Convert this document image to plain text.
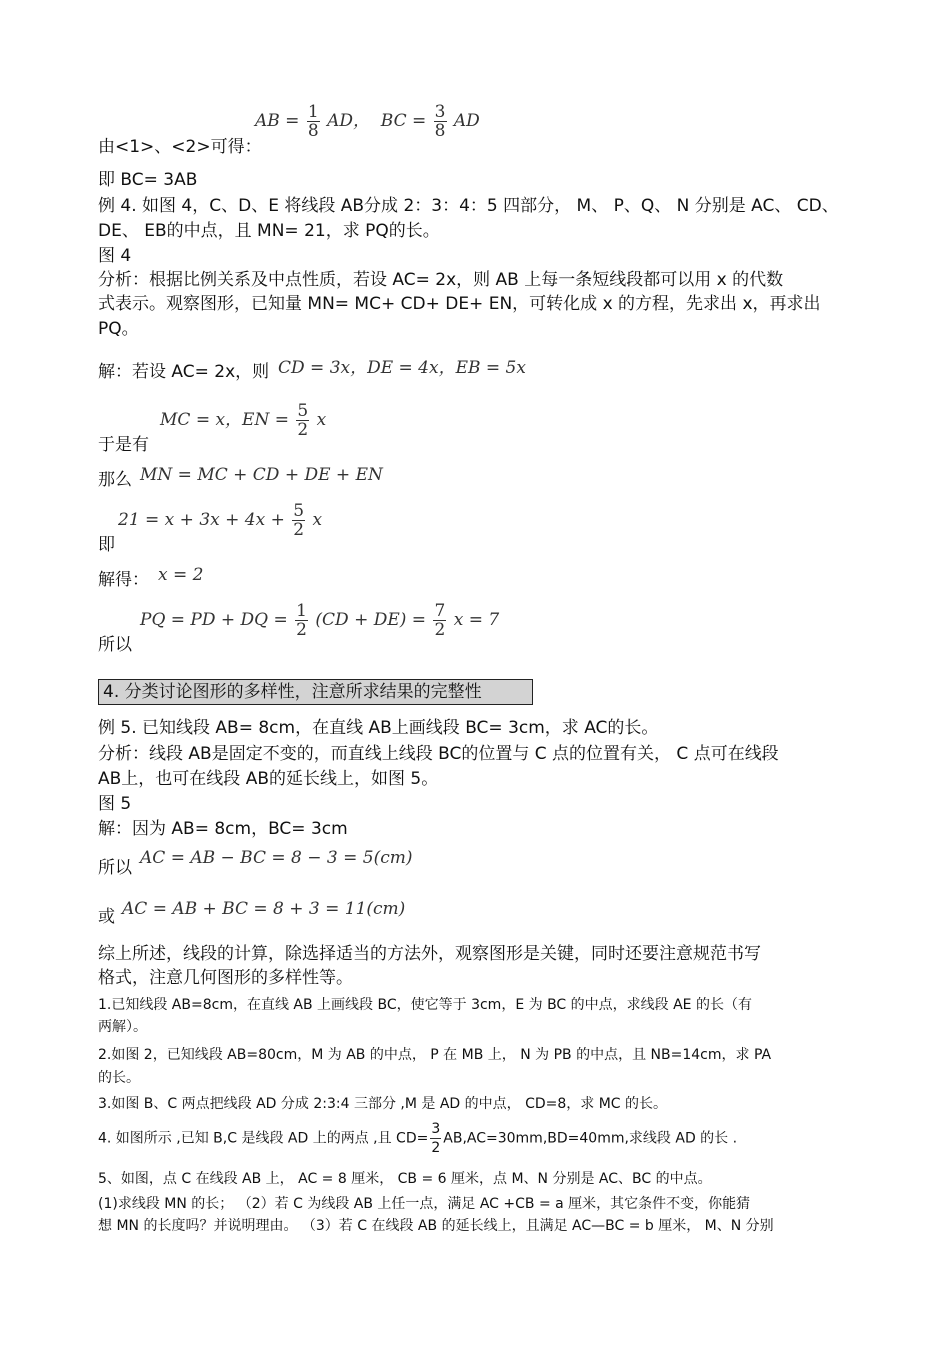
由<1>、<2>可得：
AB = $\frac{1}{8}$ AD， BC = $\frac{3}{8}$ AD
即 BC= 3AB
例 4. 如图 4，C、D、E 将线段 AB分成 2：3：4：5 四部分， M、 P、Q、 N 分别是 AC、 CD、
DE、 EB的中点，且 MN= 21，求 PQ的长。
图 4
分析：根据比例关系及中点性质，若设 AC= 2x，则 AB 上每一条短线段都可以用 x 的代数
式表示。观察图形，已知量 MN= MC+ CD+ DE+ EN，可转化成 x 的方程，先求出 x，再求出
PQ。
解：若设 AC= 2x，则 CD = 3x，DE = 4x，EB = 5x
于是有
MC = x，EN = $\frac{5}{2}$ x
那么 MN = MC + CD + DE + EN
$21 = x + 3x + 4x + \frac{5}{2}$ x
即
解得： x = 2
PQ = PD + DQ = $\frac{1}{2} (CD + DE) = \frac{7}{2}$ x = 7
所以
4. 分类讨论图形的多样性，注意所求结果的完整性
例 5. 已知线段 AB= 8cm，在直线 AB上画线段 BC= 3cm，求 AC的长。
分析：线段 AB是固定不变的，而直线上线段 BC的位置与 C 点的位置有关， C 点可在线段
AB上，也可在线段 AB的延长线上，如图 5。
图 5
解：因为 AB= 8cm，BC= 3cm
所以 AC = AB − BC = 8 − 3 = 5(cm)
或 AC = AB + BC = 8 + 3 = 11(cm)
综上所述，线段的计算，除选择适当的方法外，观察图形是关键，同时还要注意规范书写
格式，注意几何图形的多样性等。
1.已知线段 AB=8cm，在直线 AB 上画线段 BC，使它等于 3cm，E 为 BC 的中点，求线段 AE 的长（有
两解）。
2.如图 2，已知线段 AB=80cm，M 为 AB 的中点， P 在 MB 上， N 为 PB 的中点，且 NB=14cm，求 PA
的长。
3.如图 B、C 两点把线段 AD 分成 2:3:4 三部分 ,M 是 AD 的中点， CD=8，求 MC 的长。
4. 如图所示 ,已知 B,C 是线段 AD 上的两点 ,且 $CD= \frac{3}{2} AB,AC=30mm,BD=40mm$,求线段 AD 的长 .
5、如图，点 C 在线段 AB 上， AC = 8 厘米， CB = 6 厘米，点 M、N 分别是 AC、BC 的中点。
(1)求线段 MN 的长； （2）若 C 为线段 AB 上任一点，满足 AC +CB = a 厘米，其它条件不变，你能猜
想 MN 的长度吗？并说明理由。 （3）若 C 在线段 AB 的延长线上，且满足 AC—BC = b 厘米， M、N 分别
